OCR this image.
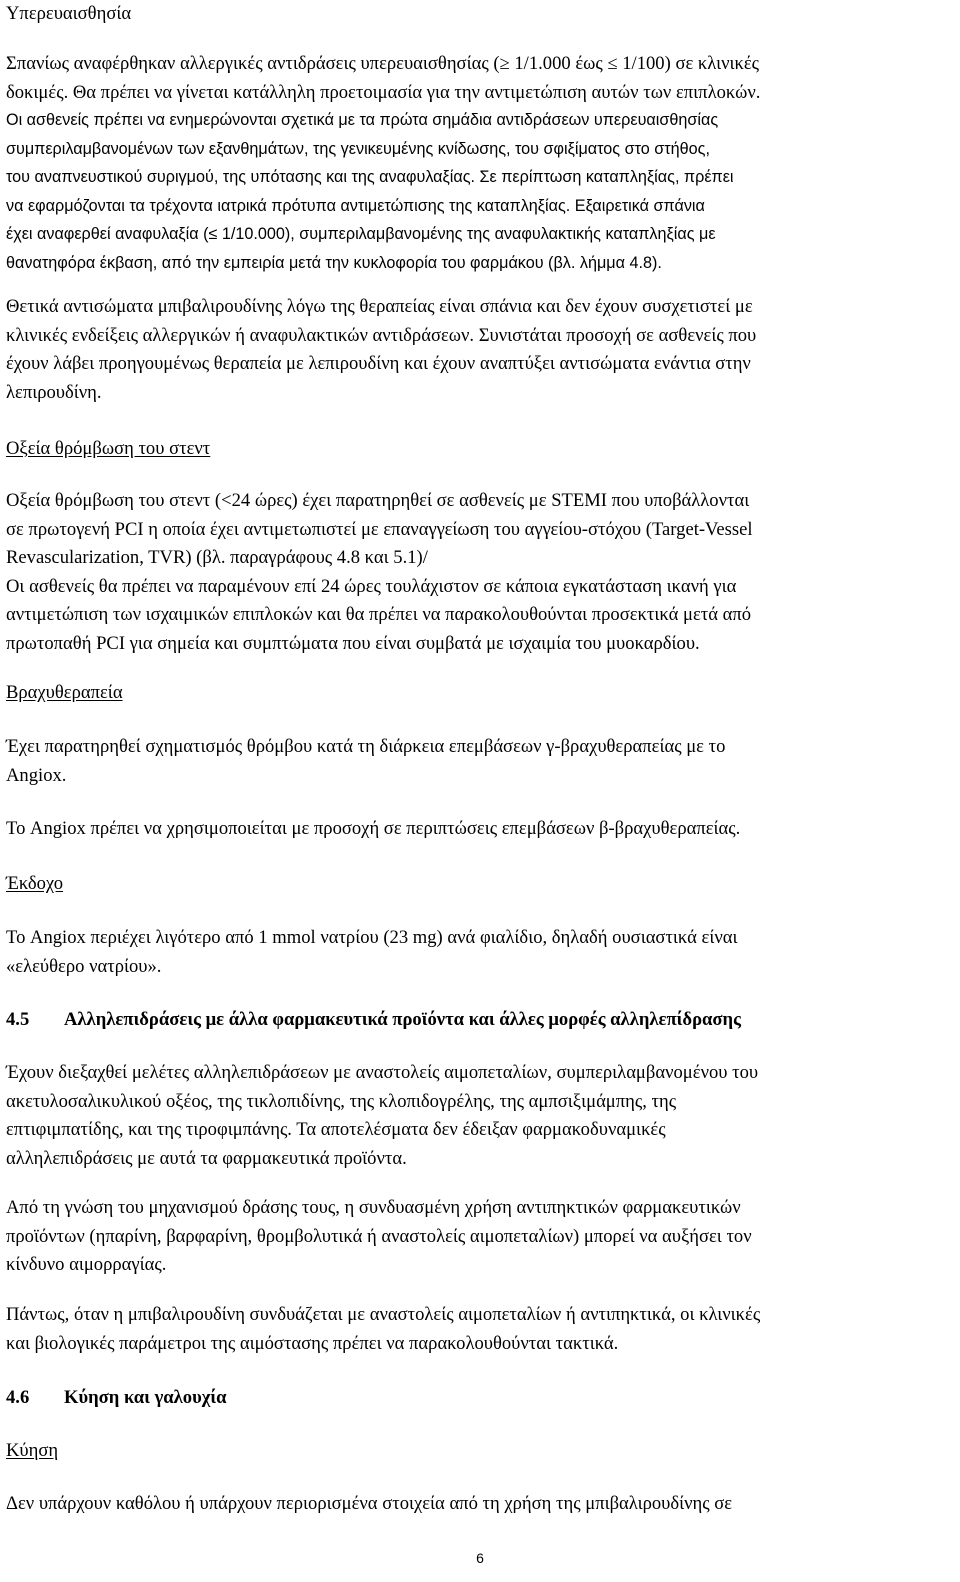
Υπερευαισθησία

Σπανίως αναφέρθηκαν αλλεργικές αντιδράσεις υπερευαισθησίας (≥ 1/1.000 έως ≤ 1/100) σε κλινικές

δοκιμές. Θα πρέπει να γίνεται κατάλληλη προετοιμασία για την αντιμετώπιση αυτών των επιπλοκών.

Οι ασθενείς πρέπει να ενημερώνονται σχετικά με τα πρώτα σημάδια αντιδράσεων υπερευαισθησίας

συμπεριλαμβανομένων των εξανθημάτων, της γενικευμένης κνίδωσης, του σφιξίματος στο στήθος,

του αναπνευστικού συριγμού, της υπότασης και της αναφυλαξίας. Σε περίπτωση καταπληξίας, πρέπει

να εφαρμόζονται τα τρέχοντα ιατρικά πρότυπα αντιμετώπισης της καταπληξίας. Εξαιρετικά σπάνια

έχει αναφερθεί αναφυλαξία (≤ 1/10.000), συμπεριλαμβανομένης της αναφυλακτικής καταπληξίας με

θανατηφόρα έκβαση, από την εμπειρία μετά την κυκλοφορία του φαρμάκου (βλ. λήμμα 4.8).

Θετικά αντισώματα μπιβαλιρουδίνης λόγω της θεραπείας είναι σπάνια και δεν έχουν συσχετιστεί με

κλινικές ενδείξεις αλλεργικών ή αναφυλακτικών αντιδράσεων. Συνιστάται προσοχή σε ασθενείς που

έχουν λάβει προηγουμένως θεραπεία με λεπιρουδίνη και έχουν αναπτύξει αντισώματα ενάντια στην

λεπιρουδίνη.

Οξεία θρόμβωση του στεντ

Οξεία θρόμβωση του στεντ (<24 ώρες) έχει παρατηρηθεί σε ασθενείς με STEMI που υποβάλλονται

σε πρωτογενή PCI η οποία έχει αντιμετωπιστεί με επαναγγείωση του αγγείου-στόχου (Target-Vessel

Revascularization, TVR) (βλ. παραγράφους 4.8 και 5.1)/

Οι ασθενείς θα πρέπει να παραμένουν επί 24 ώρες τουλάχιστον σε κάποια εγκατάσταση ικανή για

αντιμετώπιση των ισχαιμικών επιπλοκών και θα πρέπει να παρακολουθούνται προσεκτικά μετά από

πρωτοπαθή PCI για σημεία και συμπτώματα που είναι συμβατά με ισχαιμία του μυοκαρδίου.

Βραχυθεραπεία

Έχει παρατηρηθεί σχηματισμός θρόμβου κατά τη διάρκεια επεμβάσεων γ-βραχυθεραπείας με το

Angiox.

Το Angiox πρέπει να χρησιμοποιείται με προσοχή σε περιπτώσεις επεμβάσεων β-βραχυθεραπείας.

Έκδοχο

Το Angiox περιέχει λιγότερο από 1 mmol νατρίου (23 mg) ανά φιαλίδιο, δηλαδή ουσιαστικά είναι

«ελεύθερο νατρίου».

4.5 Αλληλεπιδράσεις με άλλα φαρμακευτικά προϊόντα και άλλες μορφές αλληλεπίδρασης

Έχουν διεξαχθεί μελέτες αλληλεπιδράσεων με αναστολείς αιμοπεταλίων, συμπεριλαμβανομένου του

ακετυλοσαλικυλικού οξέος, της τικλοπιδίνης, της κλοπιδογρέλης, της αμπσιξιμάμπης, της

επτιφιμπατίδης, και της τιροφιμπάνης. Τα αποτελέσματα δεν έδειξαν φαρμακοδυναμικές

αλληλεπιδράσεις με αυτά τα φαρμακευτικά προϊόντα.

Από τη γνώση του μηχανισμού δράσης τους, η συνδυασμένη χρήση αντιπηκτικών φαρμακευτικών

προϊόντων (ηπαρίνη, βαρφαρίνη, θρομβολυτικά ή αναστολείς αιμοπεταλίων) μπορεί να αυξήσει τον

κίνδυνο αιμορραγίας.

Πάντως, όταν η μπιβαλιρουδίνη συνδυάζεται με αναστολείς αιμοπεταλίων ή αντιπηκτικά, οι κλινικές

και βιολογικές παράμετροι της αιμόστασης πρέπει να παρακολουθούνται τακτικά.

4.6 Κύηση και γαλουχία

Κύηση

Δεν υπάρχουν καθόλου ή υπάρχουν περιορισμένα στοιχεία από τη χρήση της μπιβαλιρουδίνης σε

6
